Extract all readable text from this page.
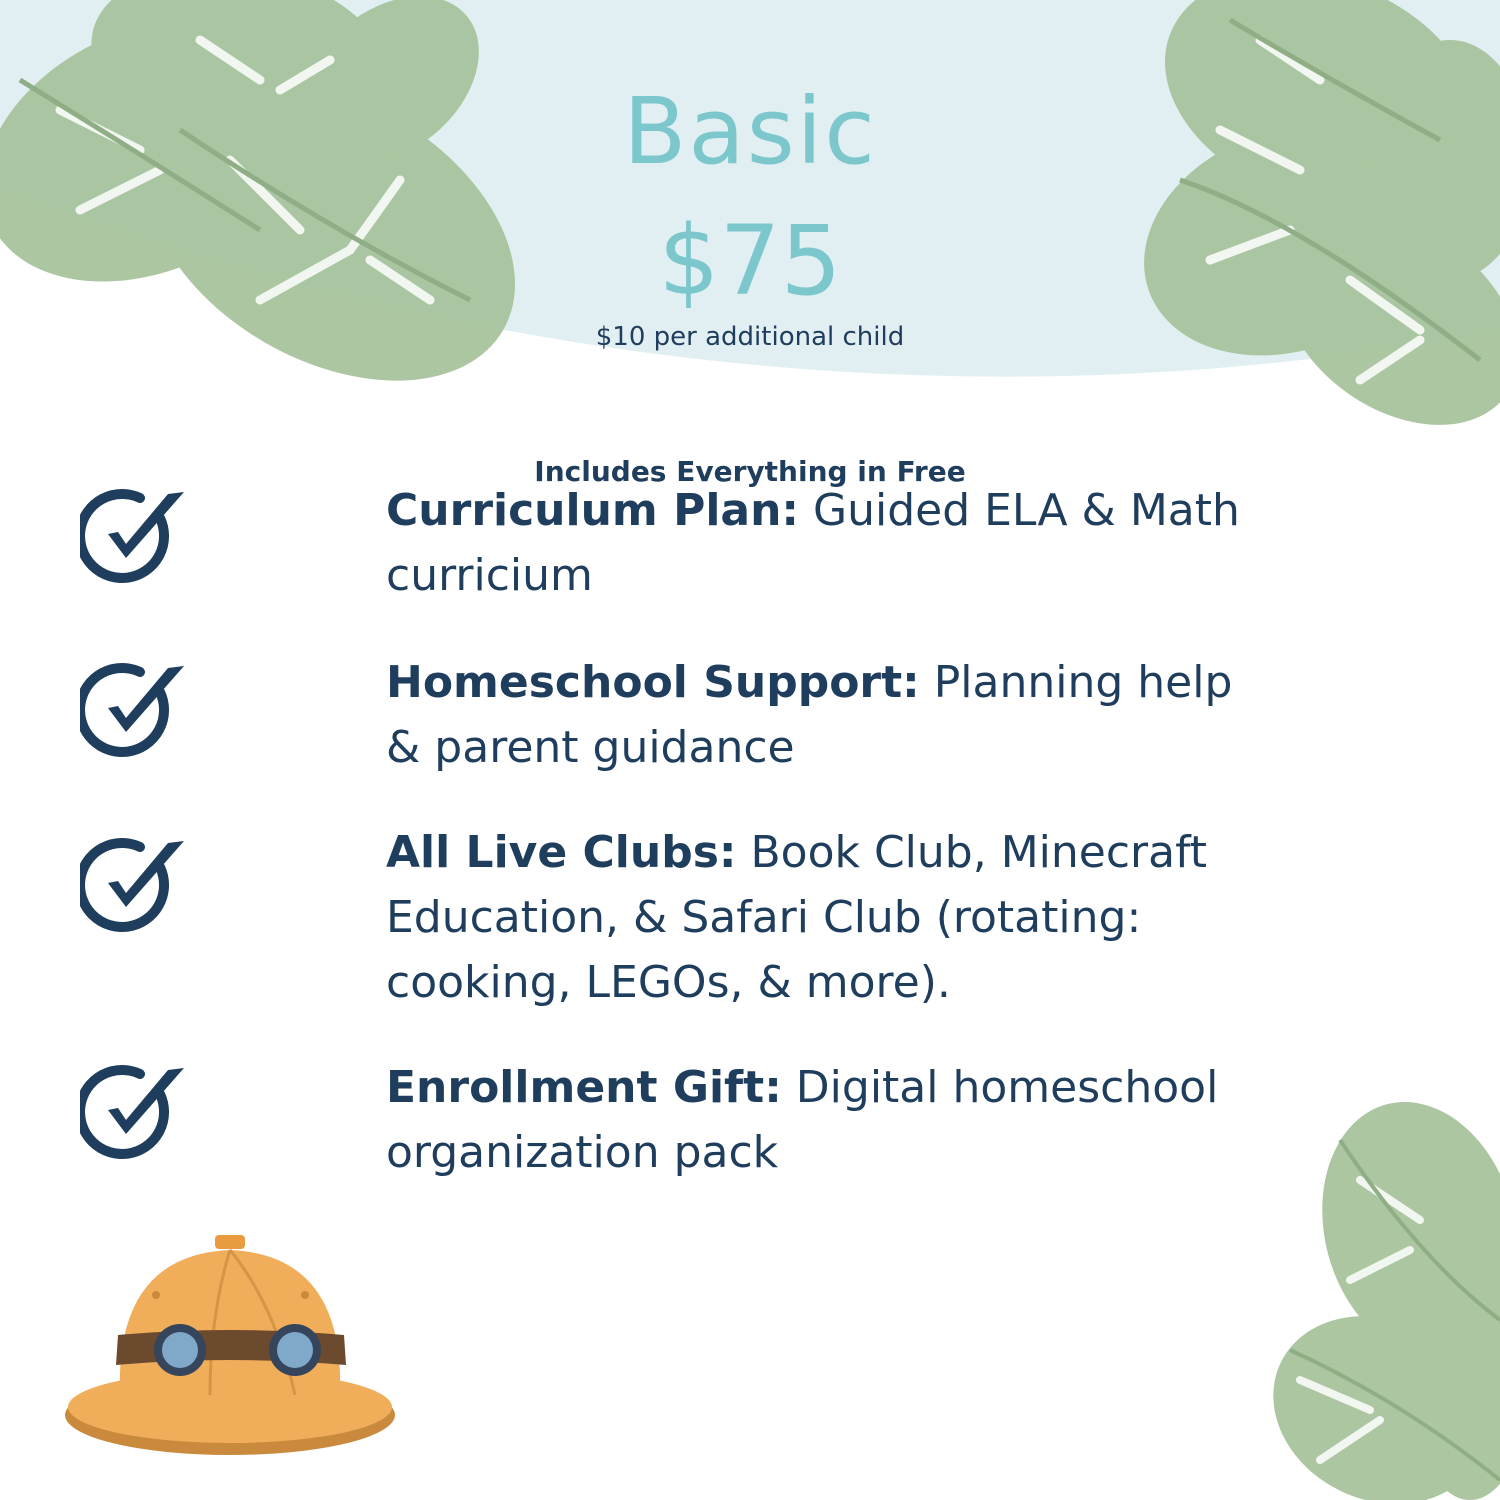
Basic
$75
$10 per additional child
Includes Everything in Free
Curriculum Plan: Guided ELA & Math curricium
Homeschool Support: Planning help & parent guidance
All Live Clubs: Book Club, Minecraft Education, & Safari Club (rotating: cooking, LEGOs, & more).
Enrollment Gift: Digital homeschool organization pack
